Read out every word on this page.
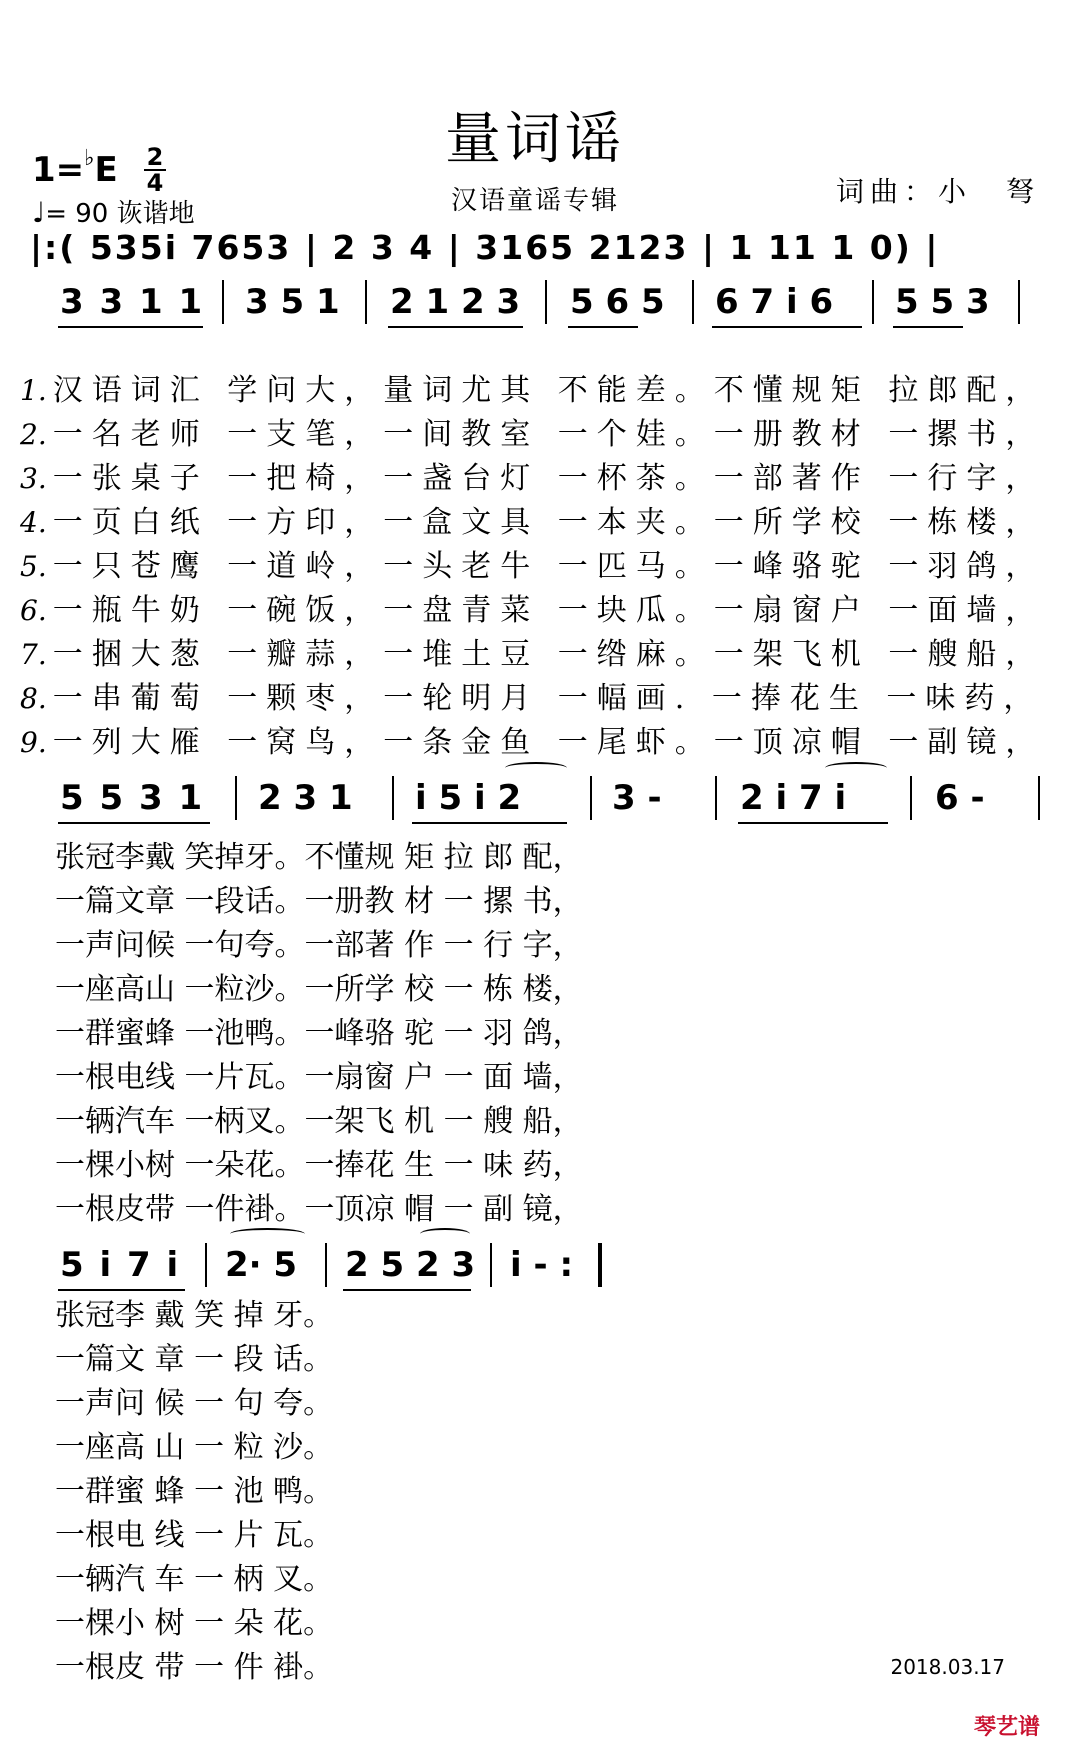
量词谣
汉语童谣专辑	词曲：小　弩
1=♭E 2
4
♩= 90 诙谐地
|:( 535i 7653 | 2 3 4 | 3165 2123 | 1 11 1 0) |
3 3 1 1 3 5 1 2 1 2 3 5 6 5 6 7 i 6 5 5 3
1. 汉语词汇 学问大，量词尤其 不能差。不懂规矩 拉郎配，
2. 一名老师 一支笔，一间教室 一个娃。一册教材 一摞书，
3. 一张桌子 一把椅，一盏台灯 一杯茶。一部著作 一行字，
4. 一页白纸 一方印，一盒文具 一本夹。一所学校 一栋楼，
5. 一只苍鹰 一道岭，一头老牛 一匹马。一峰骆驼 一羽鸽，
6. 一瓶牛奶 一碗饭，一盘青菜 一块瓜。一扇窗户 一面墙，
7. 一捆大葱 一瓣蒜，一堆土豆 一绺麻。一架飞机 一艘船，
8. 一串葡萄 一颗枣，一轮明月 一幅画. 一捧花生 一味药，
9. 一列大雁 一窝鸟，一条金鱼 一尾虾。一顶凉帽 一副镜，
5 5 3 1 2 3 1 i 5 i 2	3 - 2 i 7 i	6 -
张冠李戴 笑掉牙。不懂规 矩 拉 郎 配，
一篇文章 一段话。一册教 材 一 摞 书，
一声问候 一句夸。一部著 作 一 行 字，
一座高山 一粒沙。一所学 校 一 栋 楼，
一群蜜蜂 一池鸭。一峰骆 驼 一 羽 鸽，
一根电线 一片瓦。一扇窗 户 一 面 墙，
一辆汽车 一柄叉。一架飞 机 一 艘 船，
一棵小树 一朵花。一捧花 生 一 味 药，
一根皮带 一件褂。一顶凉 帽 一 副 镜，
5 i 7 i 2· 5 2 5 2 3 i - :
张冠李 戴 笑 掉 牙。
一篇文 章 一 段 话。
一声问 候 一 句 夸。
一座高 山 一 粒 沙。
一群蜜 蜂 一 池 鸭。
一根电 线 一 片 瓦。
一辆汽 车 一 柄 叉。
一棵小 树 一 朵 花。
一根皮 带 一 件 褂。	2018.03.17
琴艺谱
